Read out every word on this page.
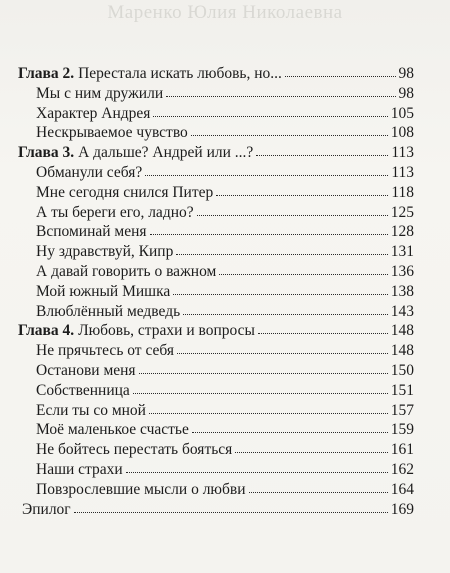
Маренко Юлия Николаевна
Глава 2. Перестала искать любовь, но...	98
Мы с ним дружили	98
Характер Андрея	105
Нескрываемое чувство	108
Глава 3. А дальше? Андрей или ...?	113
Обманули себя?	113
Мне сегодня снился Питер	118
А ты береги его, ладно?	125
Вспоминай меня	128
Ну здравствуй, Кипр	131
А давай говорить о важном	136
Мой южный Мишка	138
Влюблённый медведь	143
Глава 4. Любовь, страхи и вопросы	148
Не прячьтесь от себя	148
Останови меня	150
Собственница	151
Если ты со мной	157
Моё маленькое счастье	159
Не бойтесь перестать бояться	161
Наши страхи	162
Повзрослевшие мысли о любви	164
Эпилог	169
